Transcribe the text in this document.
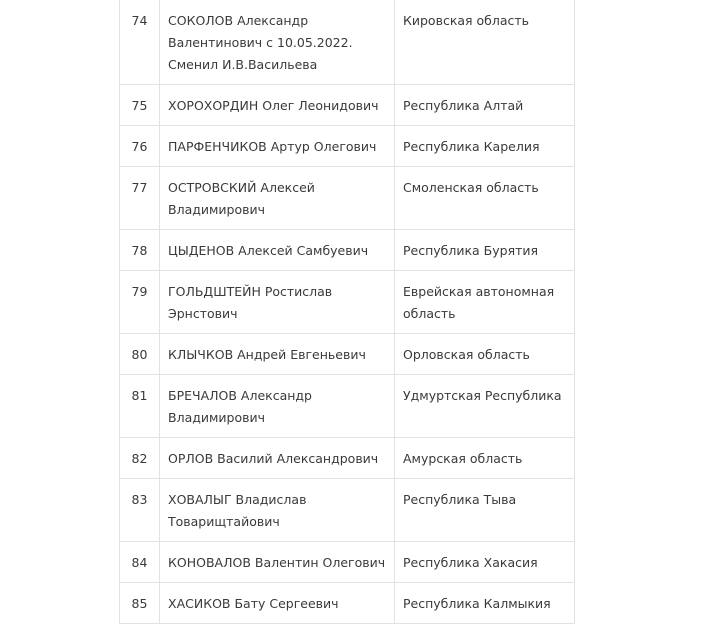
74	СОКОЛОВ Александр
Валентинович с 10.05.2022.
Сменил И.В.Васильева	Кировская область

75	ХОРОХОРДИН Олег Леонидович	Республика Алтай

76	ПАРФЕНЧИКОВ Артур Олегович	Республика Карелия

77	ОСТРОВСКИЙ Алексей
Владимирович	Смоленская область

78	ЦЫДЕНОВ Алексей Самбуевич	Республика Бурятия

79	ГОЛЬДШТЕЙН Ростислав
Эрнстович	Еврейская автономная
область

80	КЛЫЧКОВ Андрей Евгеньевич	Орловская область

81	БРЕЧАЛОВ Александр
Владимирович	Удмуртская Республика

82	ОРЛОВ Василий Александрович	Амурская область

83	ХОВАЛЫГ Владислав
Товарищтайович	Республика Тыва

84	КОНОВАЛОВ Валентин Олегович	Республика Хакасия

85	ХАСИКОВ Бату Сергеевич	Республика Калмыкия
